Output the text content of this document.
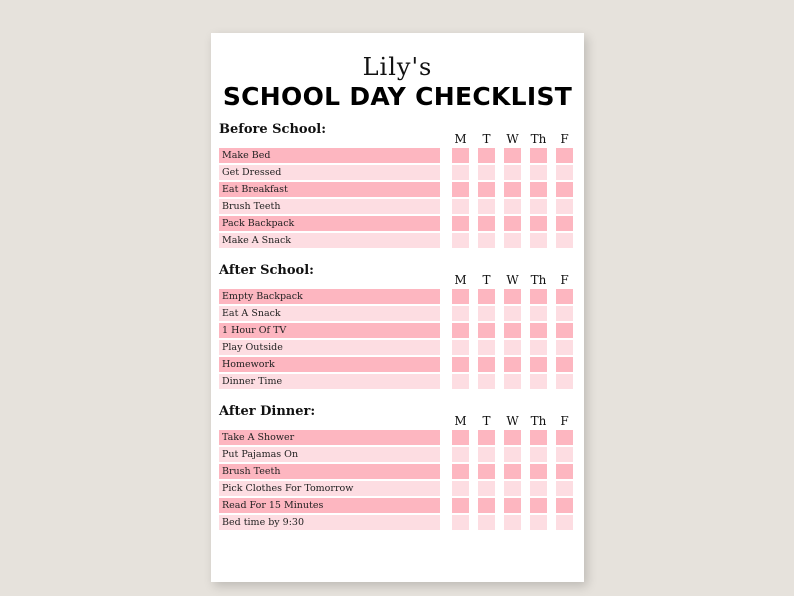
Lily's
SCHOOL DAY CHECKLIST
Before School:
M	T	W Th	F
Make Bed
Get Dressed
Eat Breakfast
Brush Teeth
Pack Backpack
Make A Snack
After School:
M	T	W Th	F
Empty Backpack
Eat A Snack
1 Hour Of TV
Play Outside
Homework
Dinner Time
After Dinner:
M	T	W Th	F
Take A Shower
Put Pajamas On
Brush Teeth
Pick Clothes For Tomorrow
Read For 15 Minutes
Bed time by 9:30
